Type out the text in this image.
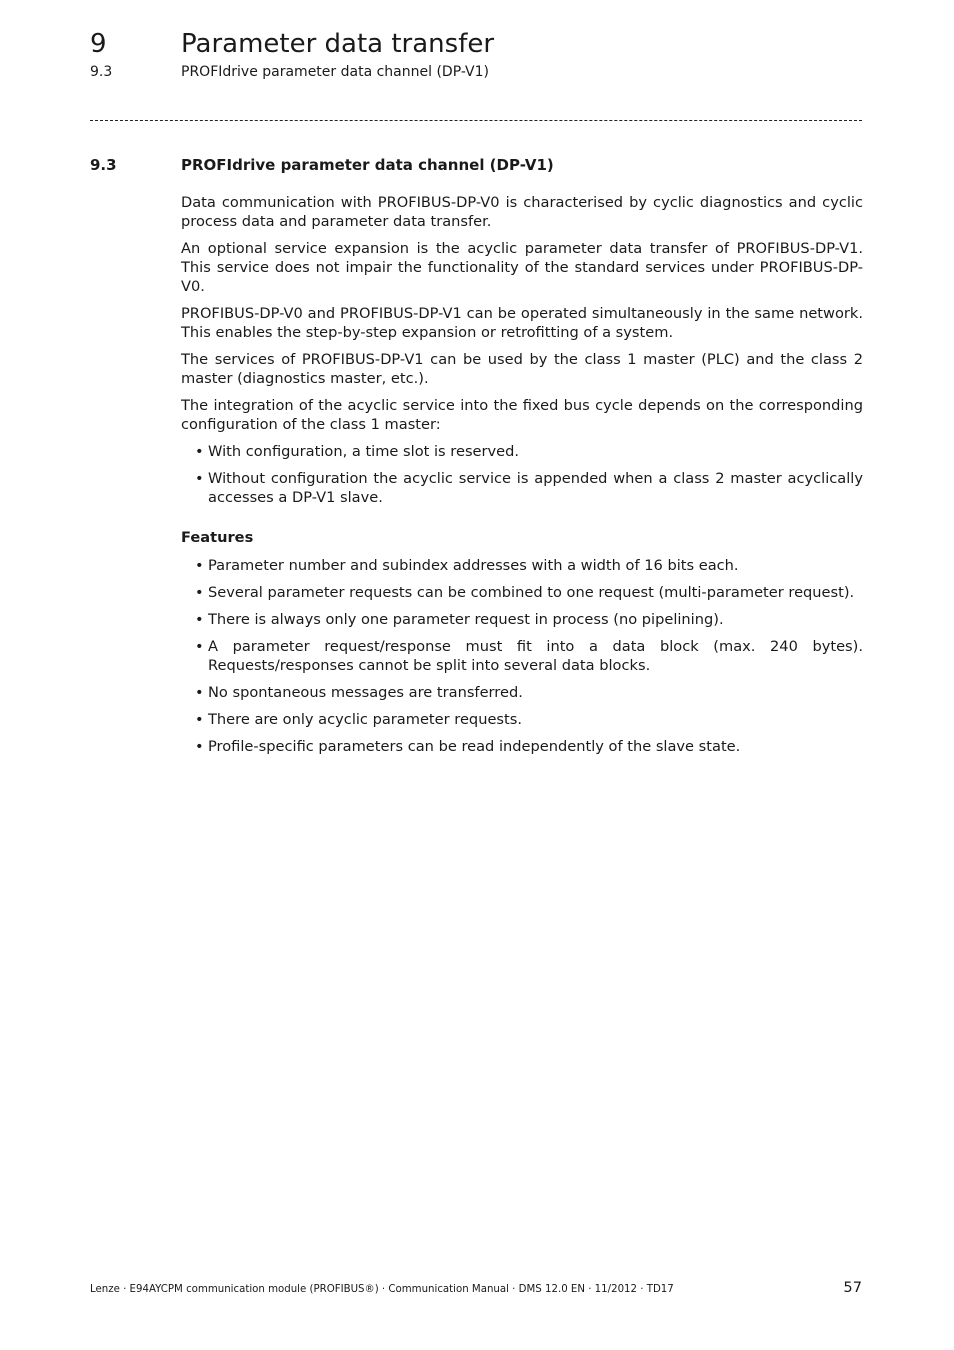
9	Parameter data transfer
9.3	PROFIdrive parameter data channel (DP-V1)
9.3	PROFIdrive parameter data channel (DP-V1)

Data communication with PROFIBUS-DP-V0 is characterised by cyclic diagnostics and cyclic process data and parameter data transfer.

An optional service expansion is the acyclic parameter data transfer of PROFIBUS-DP-V1. This service does not impair the functionality of the standard services under PROFIBUS-DP-V0.

PROFIBUS-DP-V0 and PROFIBUS-DP-V1 can be operated simultaneously in the same network. This enables the step-by-step expansion or retrofitting of a system.

The services of PROFIBUS-DP-V1 can be used by the class 1 master (PLC) and the class 2 master (diagnostics master, etc.).

The integration of the acyclic service into the fixed bus cycle depends on the corresponding configuration of the class 1 master:

• With configuration, a time slot is reserved.
• Without configuration the acyclic service is appended when a class 2 master acyclically accesses a DP-V1 slave.
Features
• Parameter number and subindex addresses with a width of 16 bits each.
• Several parameter requests can be combined to one request (multi-parameter request).
• There is always only one parameter request in process (no pipelining).
• A parameter request/response must fit into a data block (max. 240 bytes). Requests/responses cannot be split into several data blocks.
• No spontaneous messages are transferred.
• There are only acyclic parameter requests.
• Profile-specific parameters can be read independently of the slave state.
Lenze · E94AYCPM communication module (PROFIBUS®) · Communication Manual · DMS 12.0 EN · 11/2012 · TD17	57
